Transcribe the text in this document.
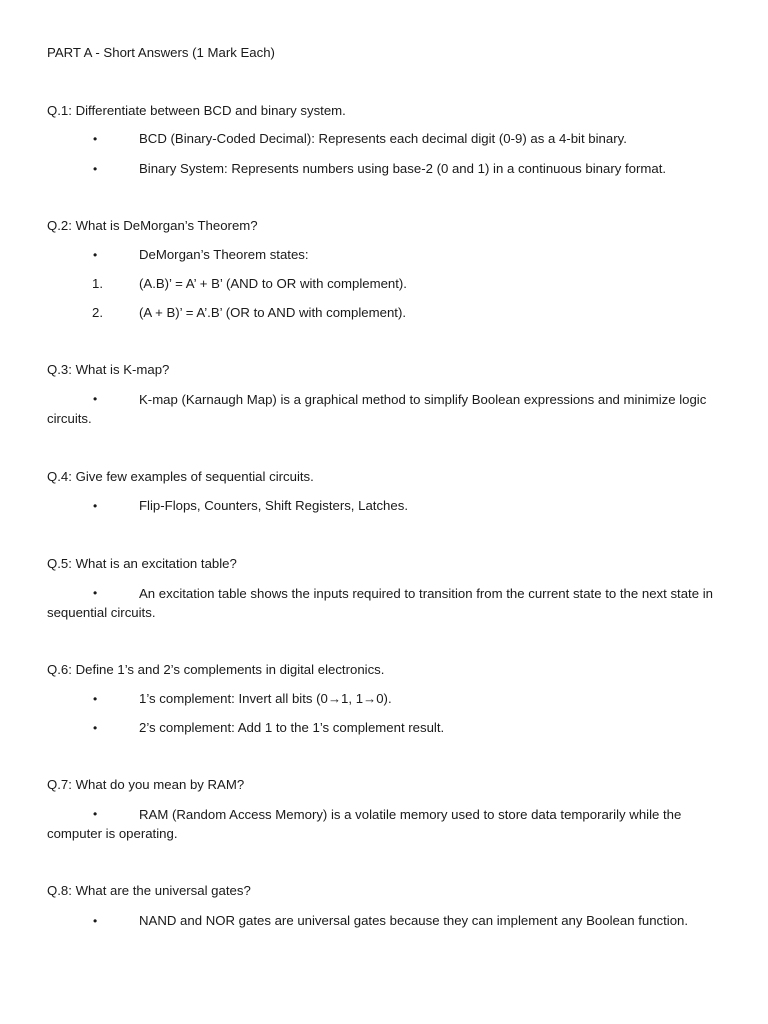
PART A - Short Answers (1 Mark Each)
Q.1: Differentiate between BCD and binary system.
•	BCD (Binary-Coded Decimal): Represents each decimal digit (0-9) as a 4-bit binary.
•	Binary System: Represents numbers using base-2 (0 and 1) in a continuous binary format.
Q.2: What is DeMorgan’s Theorem?
•	DeMorgan’s Theorem states:
1.	(A.B)’ = A’ + B’ (AND to OR with complement).
2.	(A + B)’ = A’.B’ (OR to AND with complement).
Q.3: What is K-map?
•	K-map (Karnaugh Map) is a graphical method to simplify Boolean expressions and minimize logic circuits.
Q.4: Give few examples of sequential circuits.
•	Flip-Flops, Counters, Shift Registers, Latches.
Q.5: What is an excitation table?
•	An excitation table shows the inputs required to transition from the current state to the next state in sequential circuits.
Q.6: Define 1’s and 2’s complements in digital electronics.
•	1’s complement: Invert all bits (0→1, 1→0).
•	2’s complement: Add 1 to the 1’s complement result.
Q.7: What do you mean by RAM?
•	RAM (Random Access Memory) is a volatile memory used to store data temporarily while the computer is operating.
Q.8: What are the universal gates?
•	NAND and NOR gates are universal gates because they can implement any Boolean function.
